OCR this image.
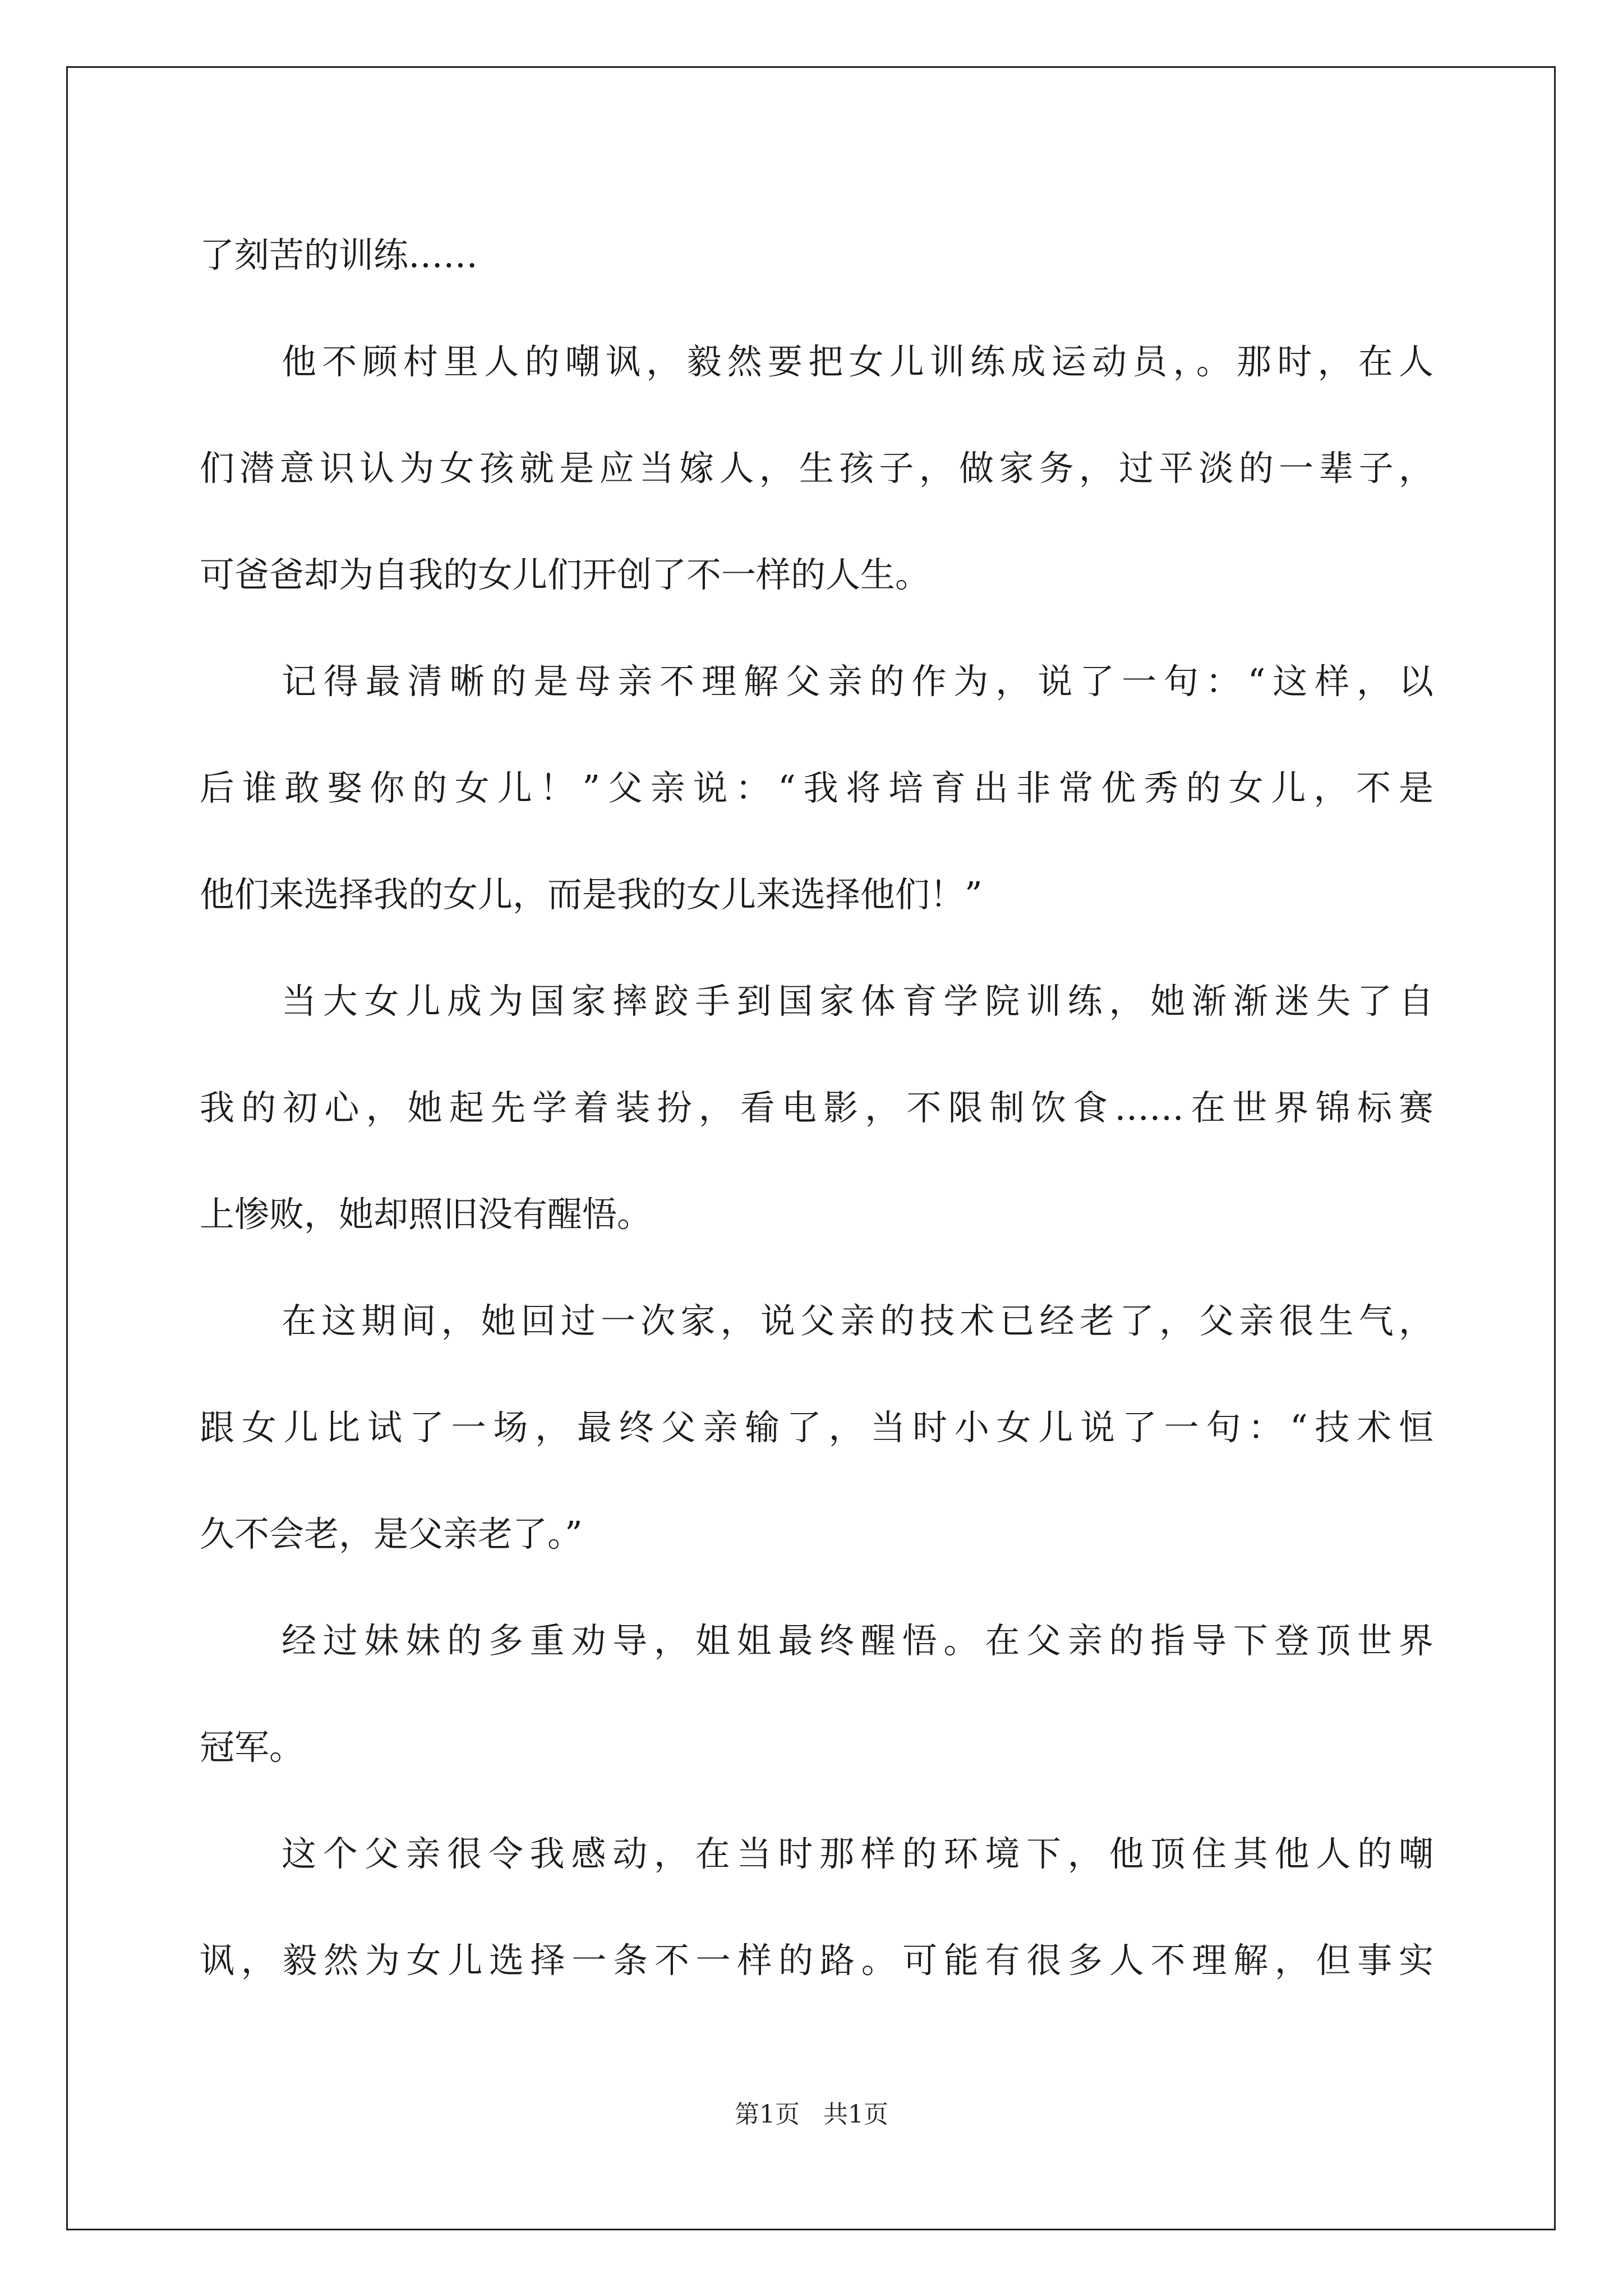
了刻苦的训练……
他不顾村里人的嘲讽，毅然要把女儿训练成运动员，。那时，在人
们潜意识认为女孩就是应当嫁人，生孩子，做家务，过平淡的一辈子，
可爸爸却为自我的女儿们开创了不一样的人生。
记得最清晰的是母亲不理解父亲的作为，说了一句：“这样，以
后谁敢娶你的女儿！”父亲说：“我将培育出非常优秀的女儿，不是
他们来选择我的女儿，而是我的女儿来选择他们！”
当大女儿成为国家摔跤手到国家体育学院训练，她渐渐迷失了自
我的初心，她起先学着装扮，看电影，不限制饮食……在世界锦标赛
上惨败，她却照旧没有醒悟。
在这期间，她回过一次家，说父亲的技术已经老了，父亲很生气，
跟女儿比试了一场，最终父亲输了，当时小女儿说了一句：“技术恒
久不会老，是父亲老了。”
经过妹妹的多重劝导，姐姐最终醒悟。在父亲的指导下登顶世界
冠军。
这个父亲很令我感动，在当时那样的环境下，他顶住其他人的嘲
讽，毅然为女儿选择一条不一样的路。可能有很多人不理解，但事实
第1页 共1页
